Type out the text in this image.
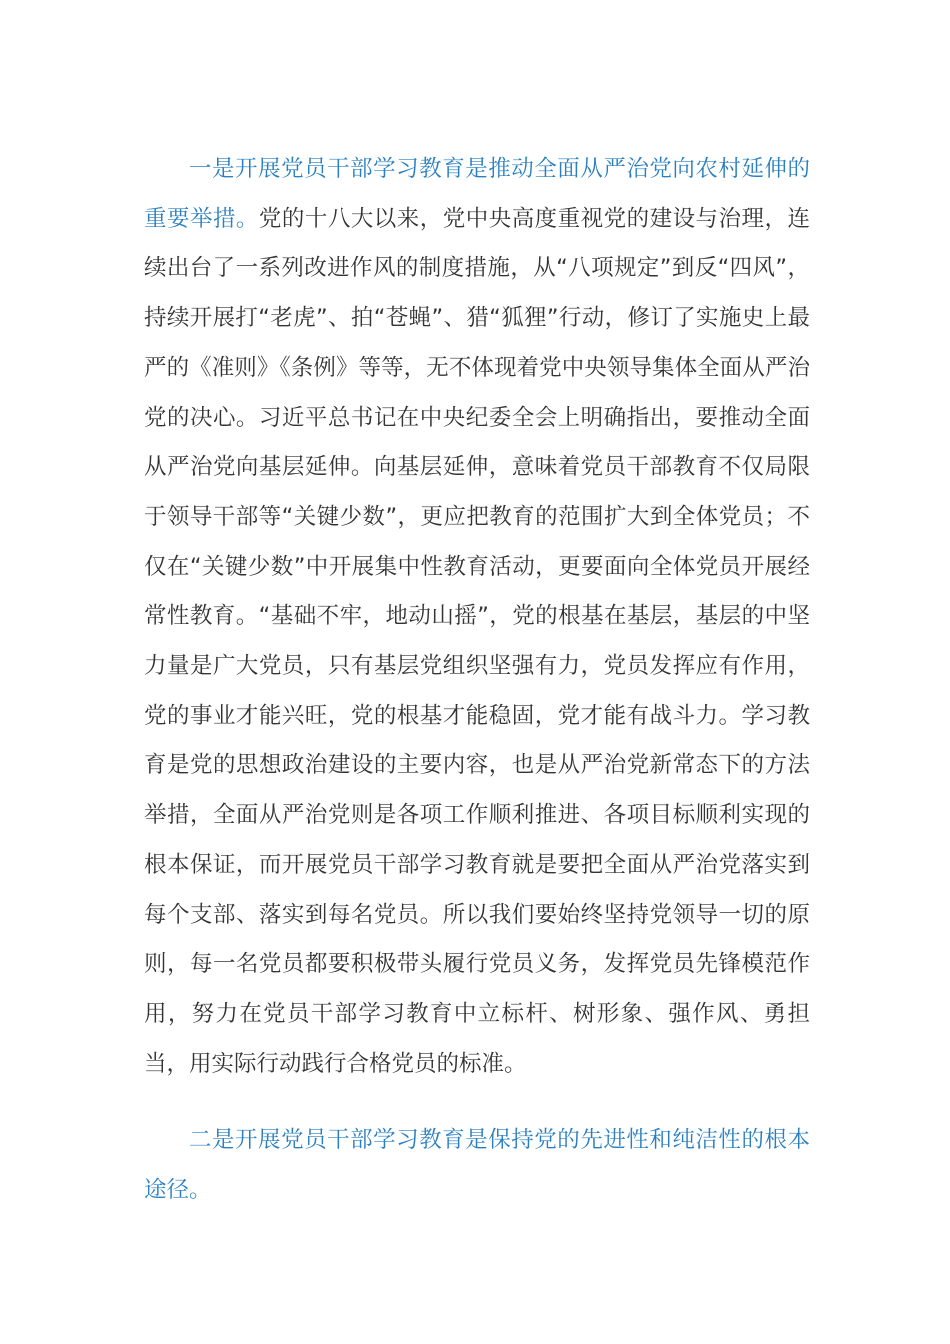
一是开展党员干部学习教育是推动全面从严治党向农村延伸的重要举措。党的十八大以来，党中央高度重视党的建设与治理，连续出台了一系列改进作风的制度措施，从“八项规定”到反“四风”，持续开展打“老虎”、拍“苍蝇”、猎“狐狸”行动，修订了实施史上最严的《准则》《条例》等等，无不体现着党中央领导集体全面从严治党的决心。习近平总书记在中央纪委全会上明确指出，要推动全面从严治党向基层延伸。向基层延伸，意味着党员干部教育不仅局限于领导干部等“关键少数”，更应把教育的范围扩大到全体党员；不仅在“关键少数”中开展集中性教育活动，更要面向全体党员开展经常性教育。“基础不牢，地动山摇”，党的根基在基层，基层的中坚力量是广大党员，只有基层党组织坚强有力，党员发挥应有作用，党的事业才能兴旺，党的根基才能稳固，党才能有战斗力。学习教育是党的思想政治建设的主要内容，也是从严治党新常态下的方法举措，全面从严治党则是各项工作顺利推进、各项目标顺利实现的根本保证，而开展党员干部学习教育就是要把全面从严治党落实到每个支部、落实到每名党员。所以我们要始终坚持党领导一切的原则，每一名党员都要积极带头履行党员义务，发挥党员先锋模范作用，努力在党员干部学习教育中立标杆、树形象、强作风、勇担当，用实际行动践行合格党员的标准。

二是开展党员干部学习教育是保持党的先进性和纯洁性的根本途径。
